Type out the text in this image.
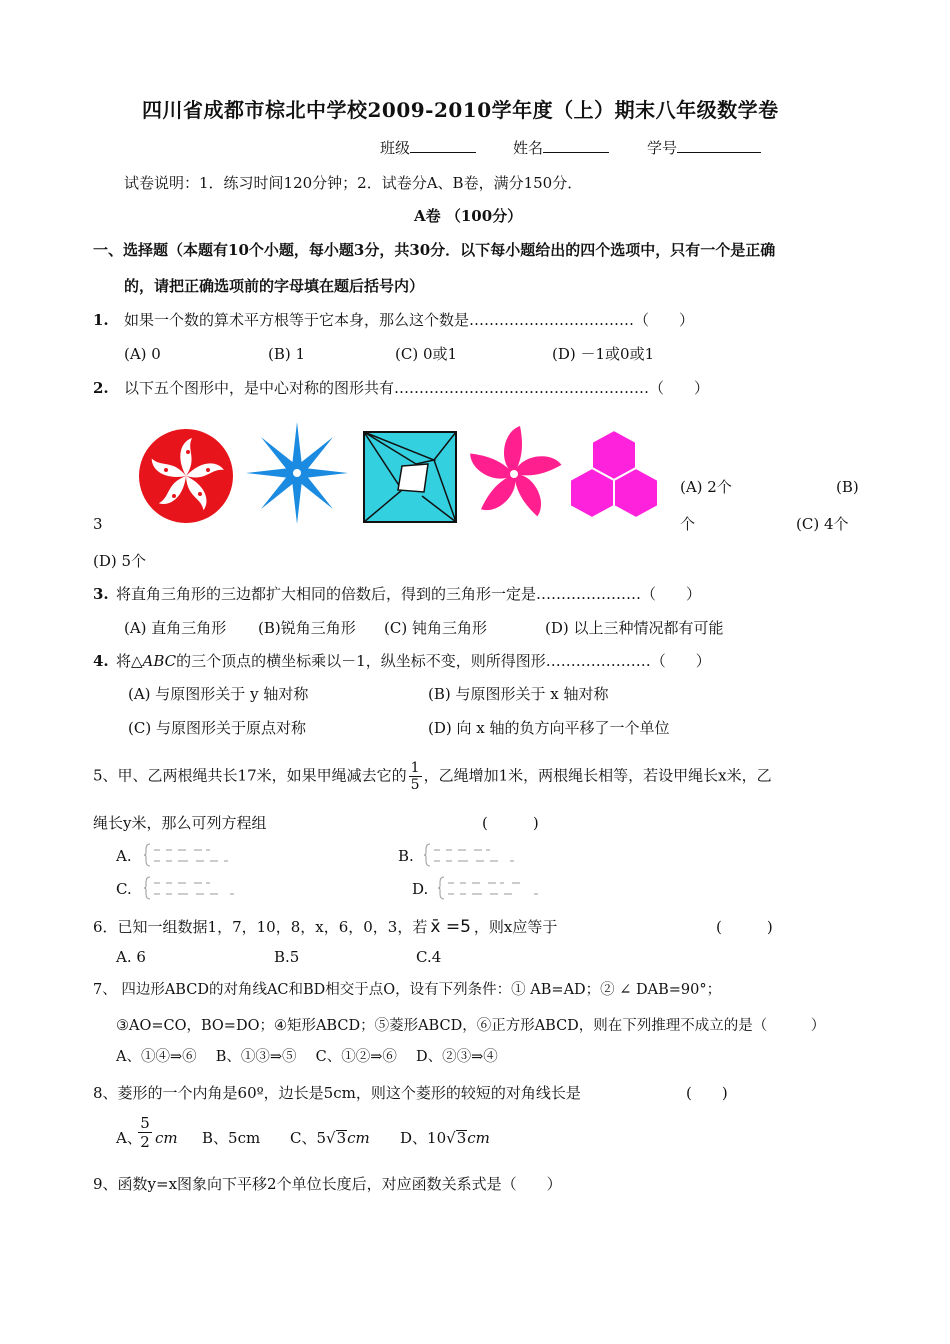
四川省成都市棕北中学校2009-2010学年度（上）期末八年级数学卷
班级	姓名	学号
试卷说明：1．练习时间120分钟；2．试卷分A、B卷，满分150分．
A卷 （100分）
一、选择题（本题有10个小题，每小题3分，共30分．以下每小题给出的四个选项中，只有一个是正确
的，请把正确选项前的字母填在题后括号内）
1. 如果一个数的算术平方根等于它本身，那么这个数是……………………………（　　）
(A) 0	(B) 1	(C) 0或1	(D) －1或0或1
2. 以下五个图形中，是中心对称的图形共有……………………………………………（　　）
(A) 2个	(B)
3	个	(C) 4个
(D) 5个
3. 将直角三角形的三边都扩大相同的倍数后，得到的三角形一定是…………………（　　）
(A) 直角三角形 (B)锐角三角形 (C) 钝角三角形	(D) 以上三种情况都有可能
4. 将△ABC的三个顶点的横坐标乘以－1，纵坐标不变，则所得图形…………………（　　）
(A) 与原图形关于 y 轴对称	(B) 与原图形关于 x 轴对称
(C) 与原图形关于原点对称	(D) 向 x 轴的负方向平移了一个单位
5、甲、乙两根绳共长17米，如果甲绳减去它的 $\frac{1}{5}$ ，乙绳增加1米，两根绳长相等，若设甲绳长x米，乙
绳长y米，那么可列方程组	(　　　)
A.	B.
C.	D.
6．已知一组数据1，7，10，8，x，6，0，3，若 x̄ =5 ，则x应等于	(　　　)
A. 6	B.5	C.4
7、 四边形ABCD的对角线AC和BD相交于点O，设有下列条件：① AB=AD；② ∠ DAB=90°；
③AO=CO，BO=DO；④矩形ABCD；⑤菱形ABCD，⑥正方形ABCD，则在下列推理不成立的是（　　　）
A、①④⇒⑥　 B、①③⇒⑤　 C、①②⇒⑥　 D、②③⇒④
8、菱形的一个内角是60º，边长是5cm，则这个菱形的较短的对角线长是	(　　)
A、
$\frac{5}{2}$ cm B、5cm C、5√3cm D、10√3cm
9、函数y=x图象向下平移2个单位长度后，对应函数关系式是（　　）
